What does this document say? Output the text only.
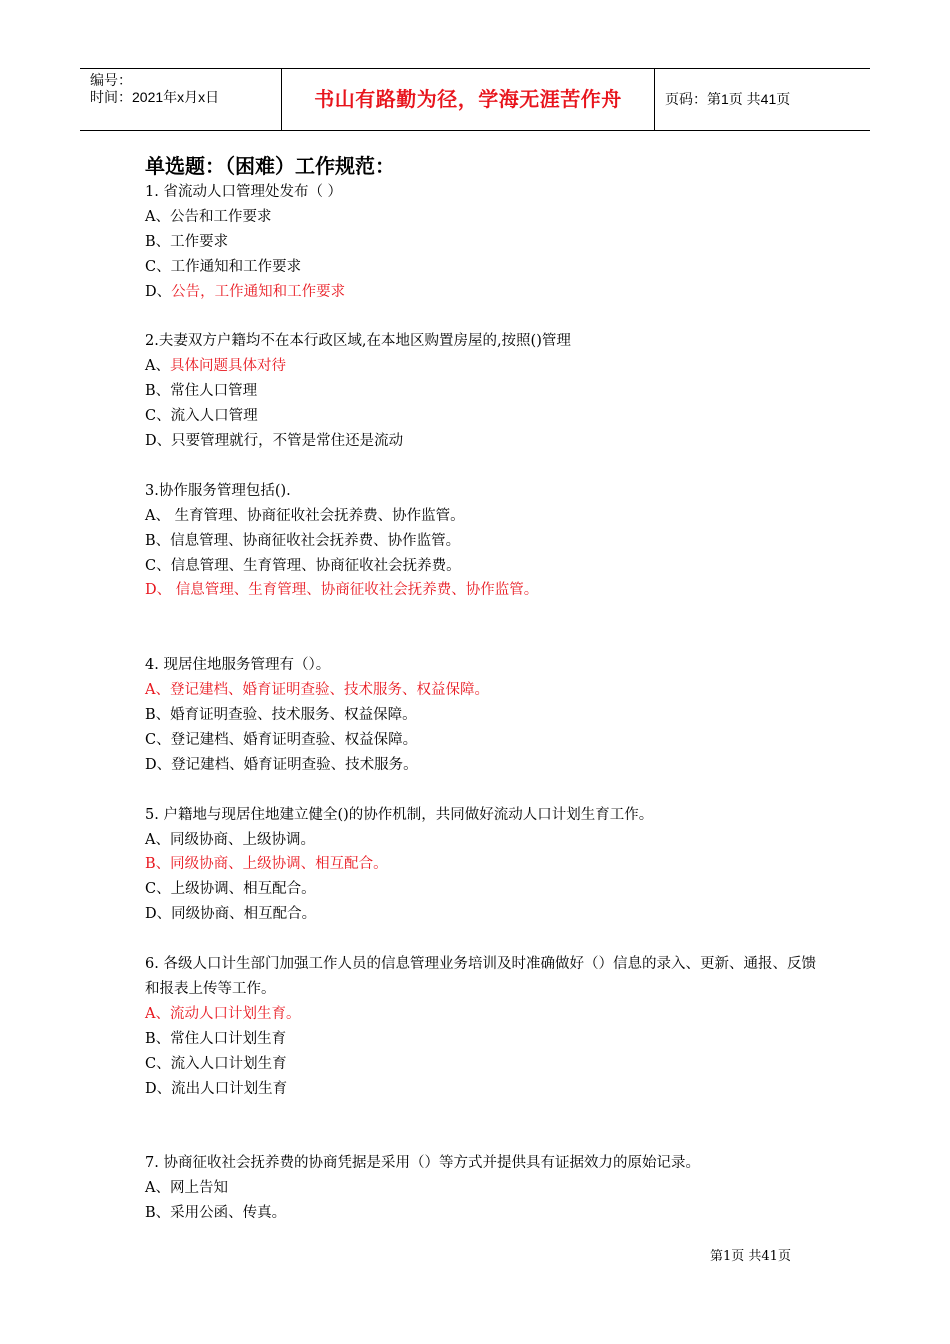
编号：
时间：2021年x月x日	书山有路勤为径，学海无涯苦作舟	页码：第1页 共41页
单选题：（困难）工作规范：
1. 省流动人口管理处发布（ ）
A、公告和工作要求
B、工作要求
C、工作通知和工作要求
D、公告，工作通知和工作要求
2.夫妻双方户籍均不在本行政区域,在本地区购置房屋的,按照()管理
A、具体问题具体对待
B、常住人口管理
C、流入人口管理
D、只要管理就行，不管是常住还是流动
3.协作服务管理包括().
A、 生育管理、协商征收社会抚养费、协作监管。
B、信息管理、协商征收社会抚养费、协作监管。
C、信息管理、生育管理、协商征收社会抚养费。
D、 信息管理、生育管理、协商征收社会抚养费、协作监管。
4. 现居住地服务管理有（）。
A、登记建档、婚育证明查验、技术服务、权益保障。
B、婚育证明查验、技术服务、权益保障。
C、登记建档、婚育证明查验、权益保障。
D、登记建档、婚育证明查验、技术服务。
5. 户籍地与现居住地建立健全()的协作机制，共同做好流动人口计划生育工作。
A、同级协商、上级协调。
B、同级协商、上级协调、相互配合。
C、上级协调、相互配合。
D、同级协商、相互配合。
6. 各级人口计生部门加强工作人员的信息管理业务培训及时准确做好（）信息的录入、更新、通报、反馈和报表上传等工作。
A、流动人口计划生育。
B、常住人口计划生育
C、流入人口计划生育
D、流出人口计划生育
7. 协商征收社会抚养费的协商凭据是采用（）等方式并提供具有证据效力的原始记录。
A、网上告知
B、采用公函、传真。
第1页 共41页
